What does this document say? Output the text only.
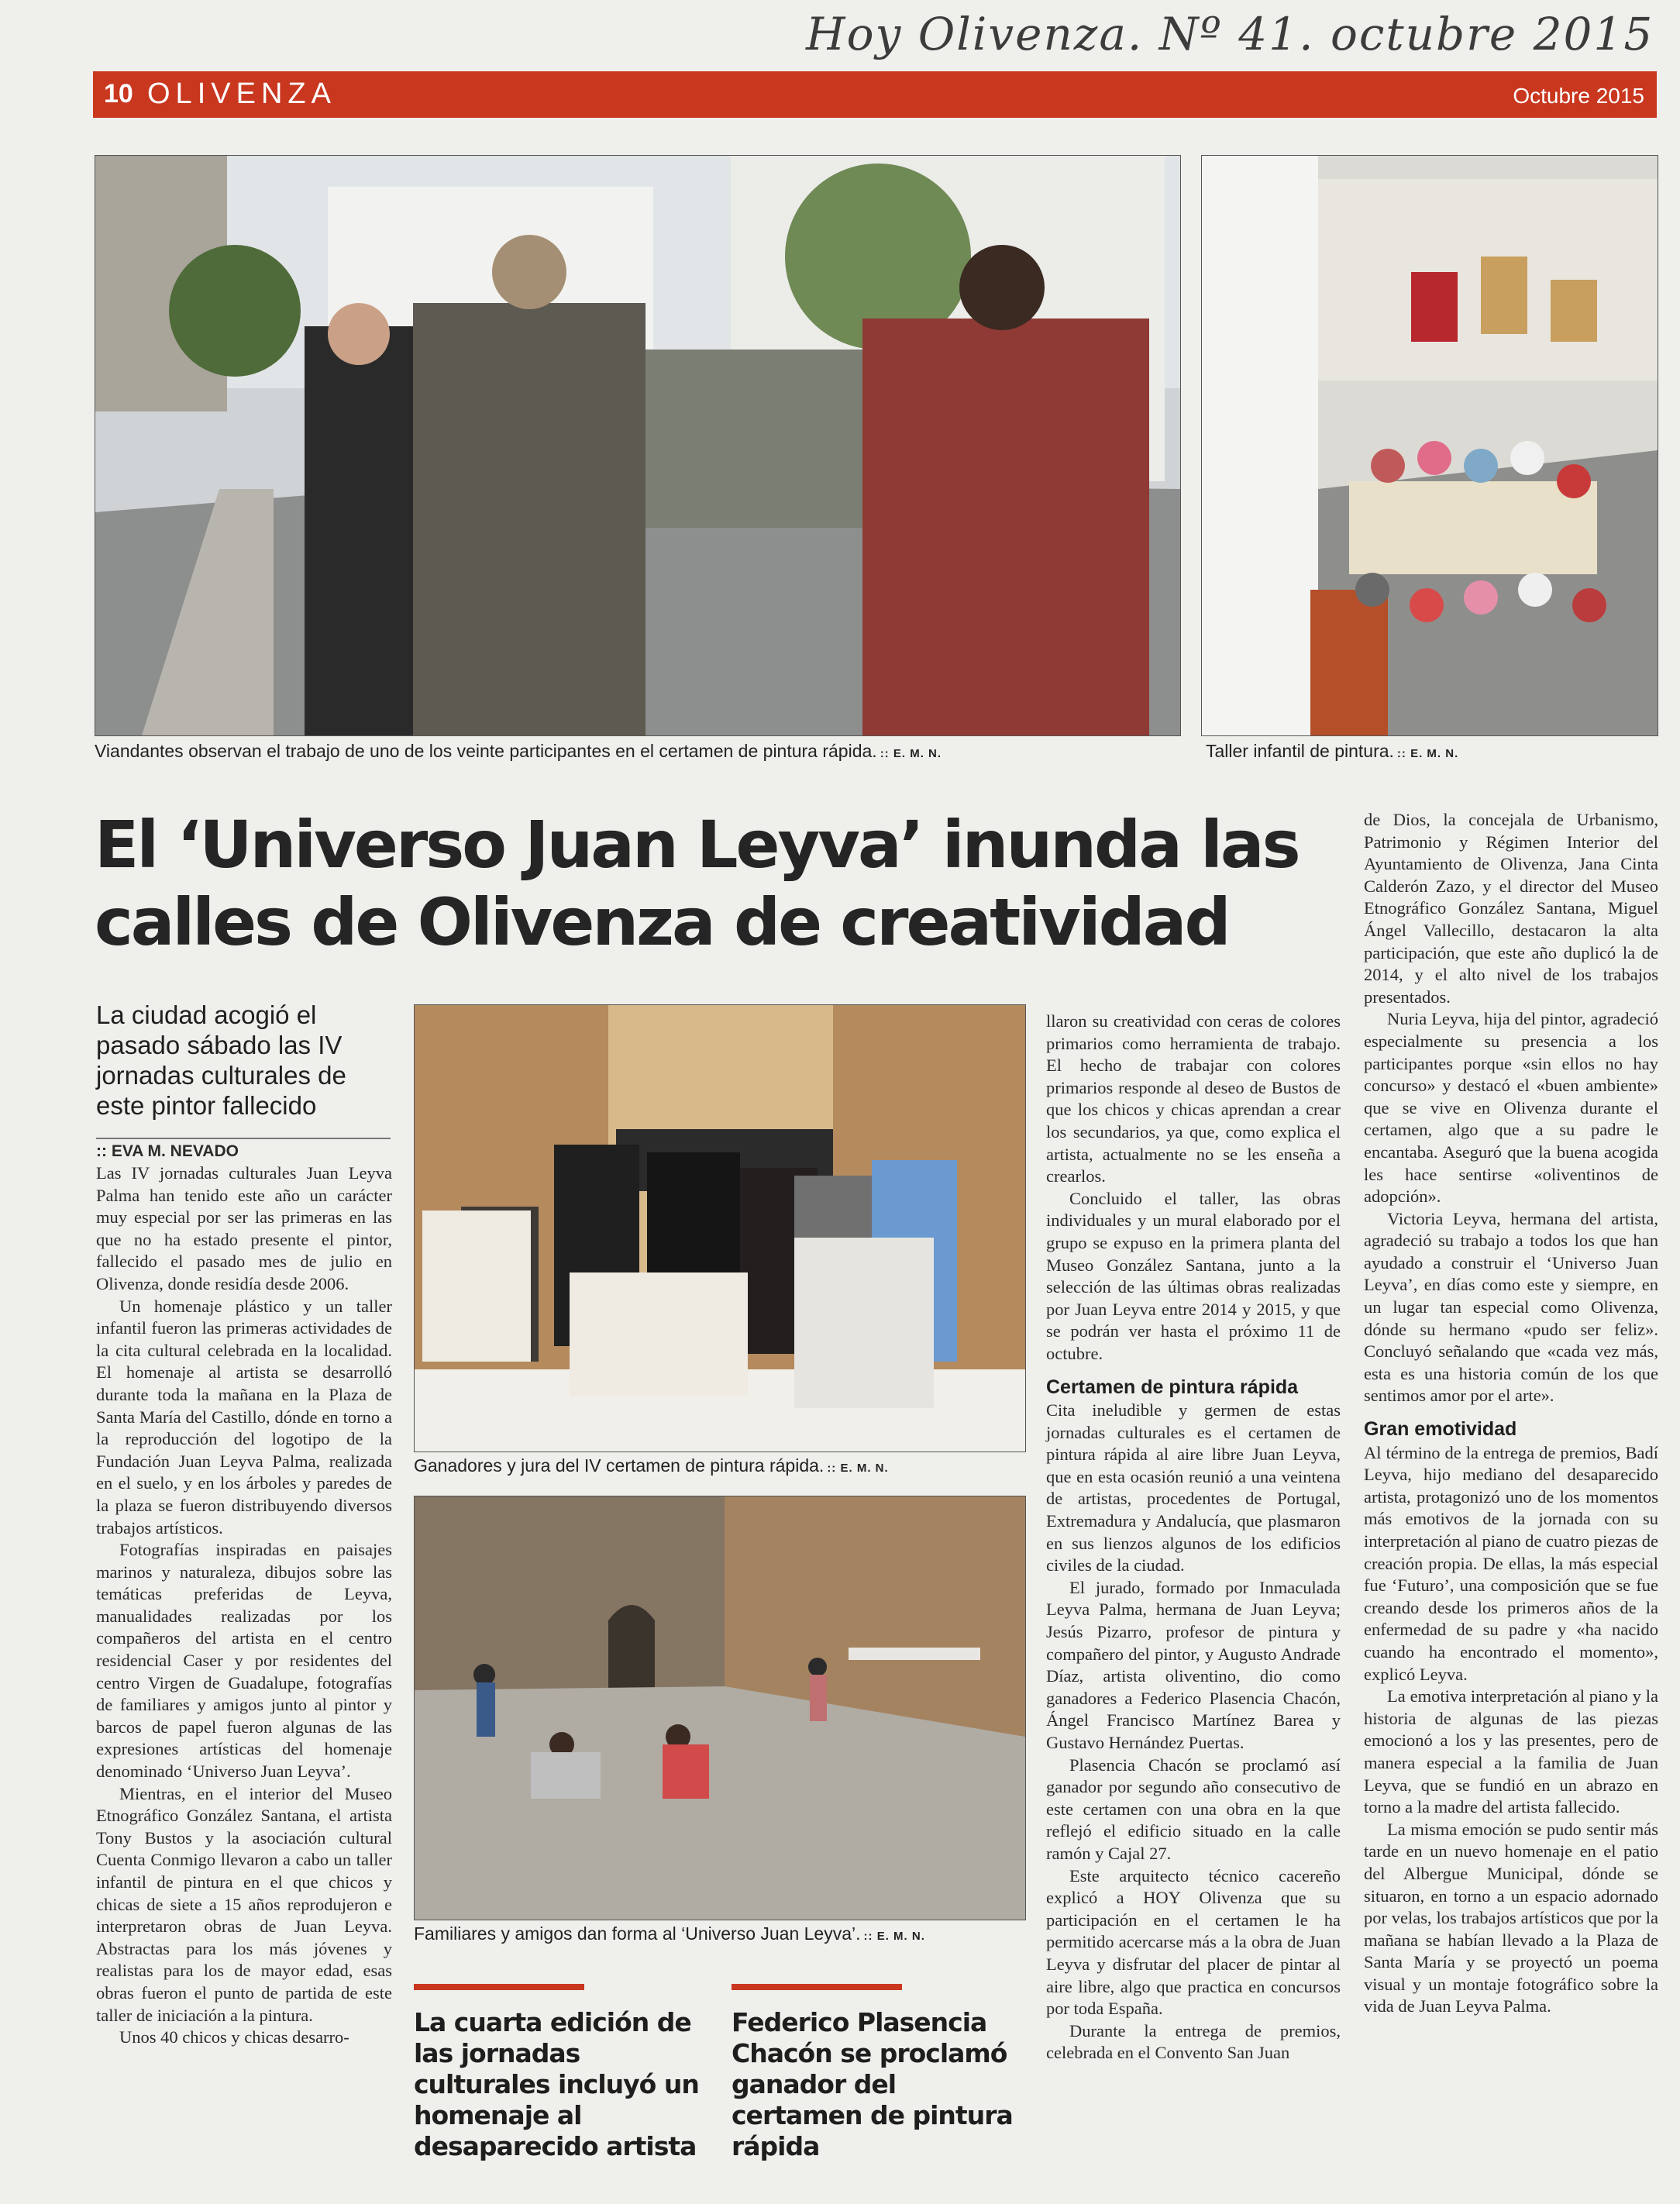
Hoy Olivenza. Nº 41. octubre 2015
10 OLIVENZA	Octubre 2015
Viandantes observan el trabajo de uno de los veinte participantes en el certamen de pintura rápida. :: E. M. N.	Taller infantil de pintura. :: E. M. N.
El ‘Universo Juan Leyva’ inunda las calles de Olivenza de creatividad
La ciudad acogió el pasado sábado las IV jornadas culturales de este pintor fallecido
:: EVA M. NEVADO

Las IV jornadas culturales Juan Leyva Palma han tenido este año un carácter muy especial por ser las primeras en las que no ha estado presente el pintor, fallecido el pasado mes de julio en Olivenza, donde residía desde 2006.

Un homenaje plástico y un taller infantil fueron las primeras actividades de la cita cultural celebrada en la localidad. El homenaje al artista se desarrolló durante toda la mañana en la Plaza de Santa María del Castillo, dónde en torno a la reproducción del logotipo de la Fundación Juan Leyva Palma, realizada en el suelo, y en los árboles y paredes de la plaza se fueron distribuyendo diversos trabajos artísticos.

Fotografías inspiradas en paisajes marinos y naturaleza, dibujos sobre las temáticas preferidas de Leyva, manualidades realizadas por los compañeros del artista en el centro residencial Caser y por residentes del centro Virgen de Guadalupe, fotografías de familiares y amigos junto al pintor y barcos de papel fueron algunas de las expresiones artísticas del homenaje denominado ‘Universo Juan Leyva’.

Mientras, en el interior del Museo Etnográfico González Santana, el artista Tony Bustos y la asociación cultural Cuenta Conmigo llevaron a cabo un taller infantil de pintura en el que chicos y chicas de siete a 15 años reprodujeron e interpretaron obras de Juan Leyva. Abstractas para los más jóvenes y realistas para los de mayor edad, esas obras fueron el punto de partida de este taller de iniciación a la pintura.

Unos 40 chicos y chicas desarro-

Ganadores y jura del IV certamen de pintura rápida. :: E. M. N.
Familiares y amigos dan forma al ‘Universo Juan Leyva’. :: E. M. N.
La cuarta edición de las jornadas culturales incluyó un homenaje al desaparecido artista
Federico Plasencia Chacón se proclamó ganador del certamen de pintura rápida

llaron su creatividad con ceras de colores primarios como herramienta de trabajo. El hecho de trabajar con colores primarios responde al deseo de Bustos de que los chicos y chicas aprendan a crear los secundarios, ya que, como explica el artista, actualmente no se les enseña a crearlos.

Concluido el taller, las obras individuales y un mural elaborado por el grupo se expuso en la primera planta del Museo González Santana, junto a la selección de las últimas obras realizadas por Juan Leyva entre 2014 y 2015, y que se podrán ver hasta el próximo 11 de octubre.

Certamen de pintura rápida

Cita ineludible y germen de estas jornadas culturales es el certamen de pintura rápida al aire libre Juan Leyva, que en esta ocasión reunió a una veintena de artistas, procedentes de Portugal, Extremadura y Andalucía, que plasmaron en sus lienzos algunos de los edificios civiles de la ciudad.

El jurado, formado por Inmaculada Leyva Palma, hermana de Juan Leyva; Jesús Pizarro, profesor de pintura y compañero del pintor, y Augusto Andrade Díaz, artista oliventino, dio como ganadores a Federico Plasencia Chacón, Ángel Francisco Martínez Barea y Gustavo Hernández Puertas.

Plasencia Chacón se proclamó así ganador por segundo año consecutivo de este certamen con una obra en la que reflejó el edificio situado en la calle ramón y Cajal 27.

Este arquitecto técnico cacereño explicó a HOY Olivenza que su participación en el certamen le ha permitido acercarse más a la obra de Juan Leyva y disfrutar del placer de pintar al aire libre, algo que practica en concursos por toda España.

Durante la entrega de premios, celebrada en el Convento San Juan

de Dios, la concejala de Urbanismo, Patrimonio y Régimen Interior del Ayuntamiento de Olivenza, Jana Cinta Calderón Zazo, y el director del Museo Etnográfico González Santana, Miguel Ángel Vallecillo, destacaron la alta participación, que este año duplicó la de 2014, y el alto nivel de los trabajos presentados.

Nuria Leyva, hija del pintor, agradeció especialmente su presencia a los participantes porque «sin ellos no hay concurso» y destacó el «buen ambiente» que se vive en Olivenza durante el certamen, algo que a su padre le encantaba. Aseguró que la buena acogida les hace sentirse «oliventinos de adopción».

Victoria Leyva, hermana del artista, agradeció su trabajo a todos los que han ayudado a construir el ‘Universo Juan Leyva’, en días como este y siempre, en un lugar tan especial como Olivenza, dónde su hermano «pudo ser feliz». Concluyó señalando que «cada vez más, esta es una historia común de los que sentimos amor por el arte».

Gran emotividad

Al término de la entrega de premios, Badí Leyva, hijo mediano del desaparecido artista, protagonizó uno de los momentos más emotivos de la jornada con su interpretación al piano de cuatro piezas de creación propia. De ellas, la más especial fue ‘Futuro’, una composición que se fue creando desde los primeros años de la enfermedad de su padre y «ha nacido cuando ha encontrado el momento», explicó Leyva.

La emotiva interpretación al piano y la historia de algunas de las piezas emocionó a los y las presentes, pero de manera especial a la familia de Juan Leyva, que se fundió en un abrazo en torno a la madre del artista fallecido.

La misma emoción se pudo sentir más tarde en un nuevo homenaje en el patio del Albergue Municipal, dónde se situaron, en torno a un espacio adornado por velas, los trabajos artísticos que por la mañana se habían llevado a la Plaza de Santa María y se proyectó un poema visual y un montaje fotográfico sobre la vida de Juan Leyva Palma.
